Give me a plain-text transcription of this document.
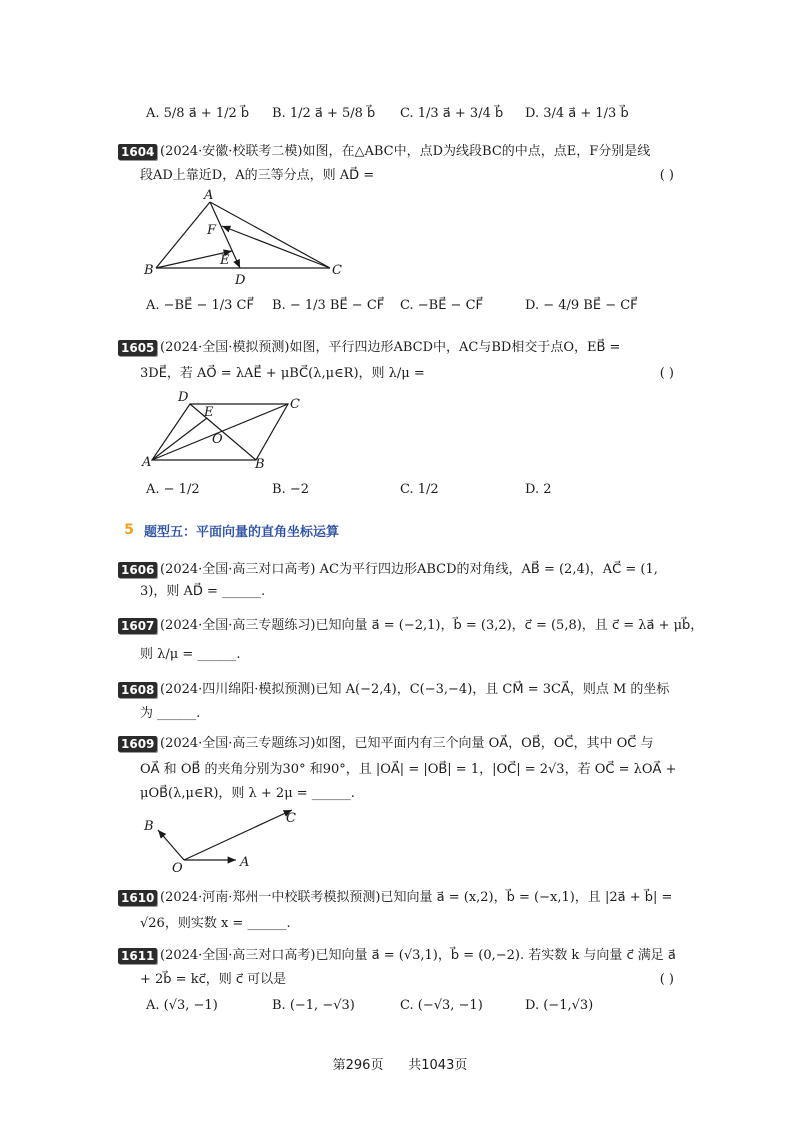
A. 5/8 a⃗ + 1/2 b⃗ B. 1/2 a⃗ + 5/8 b⃗ C. 1/3 a⃗ + 3/4 b⃗ D. 3/4 a⃗ + 1/3 b⃗
1604 (2024·安徽·校联考二模)如图，在△ABC中，点D为线段BC的中点，点E，F分别是线
段AD上靠近D，A的三等分点，则 AD⃗ =	( )
A
F
E
B
D
C
A. −BE⃗ − 1/3 CF⃗ B. − 1/3 BE⃗ − CF⃗ C. −BE⃗ − CF⃗	D. − 4/9 BE⃗ − CF⃗
1605 (2024·全国·模拟预测)如图，平行四边形ABCD中，AC与BD相交于点O，EB⃗ =
3DE⃗，若 AO⃗ = λAE⃗ + μBC⃗(λ,μ∈R)，则 λ/μ =	( )
D
E
C
O
A	B
A. − 1/2	B. −2	C. 1/2	D. 2
5 题型五：平面向量的直角坐标运算
1606 (2024·全国·高三对口高考) AC为平行四边形ABCD的对角线，AB⃗ = (2,4)，AC⃗ = (1,
3)，则 AD⃗ = ______.
1607 (2024·全国·高三专题练习)已知向量 a⃗ = (−2,1)，b⃗ = (3,2)，c⃗ = (5,8)，且 c⃗ = λa⃗ + μb⃗，
则 λ/μ = ______.
1608 (2024·四川绵阳·模拟预测)已知 A(−2,4)，C(−3,−4)，且 CM⃗ = 3CA⃗，则点 M 的坐标
为 ______.
1609 (2024·全国·高三专题练习)如图，已知平面内有三个向量 OA⃗，OB⃗，OC⃗，其中 OC⃗ 与
OA⃗ 和 OB⃗ 的夹角分别为30° 和90°，且 |OA⃗| = |OB⃗| = 1，|OC⃗| = 2√3，若 OC⃗ = λOA⃗ +
μOB⃗(λ,μ∈R)，则 λ + 2μ = ______.
B
C
O	A
1610 (2024·河南·郑州一中校联考模拟预测)已知向量 a⃗ = (x,2)，b⃗ = (−x,1)，且 |2a⃗ + b⃗| =
√26，则实数 x = ______.
1611 (2024·全国·高三对口高考)已知向量 a⃗ = (√3,1)，b⃗ = (0,−2). 若实数 k 与向量 c⃗ 满足 a⃗
+ 2b⃗ = kc⃗，则 c⃗ 可以是	( )
A. (√3, −1)	B. (−1, −√3)	C. (−√3, −1)	D. (−1,√3)
第296页 共1043页
